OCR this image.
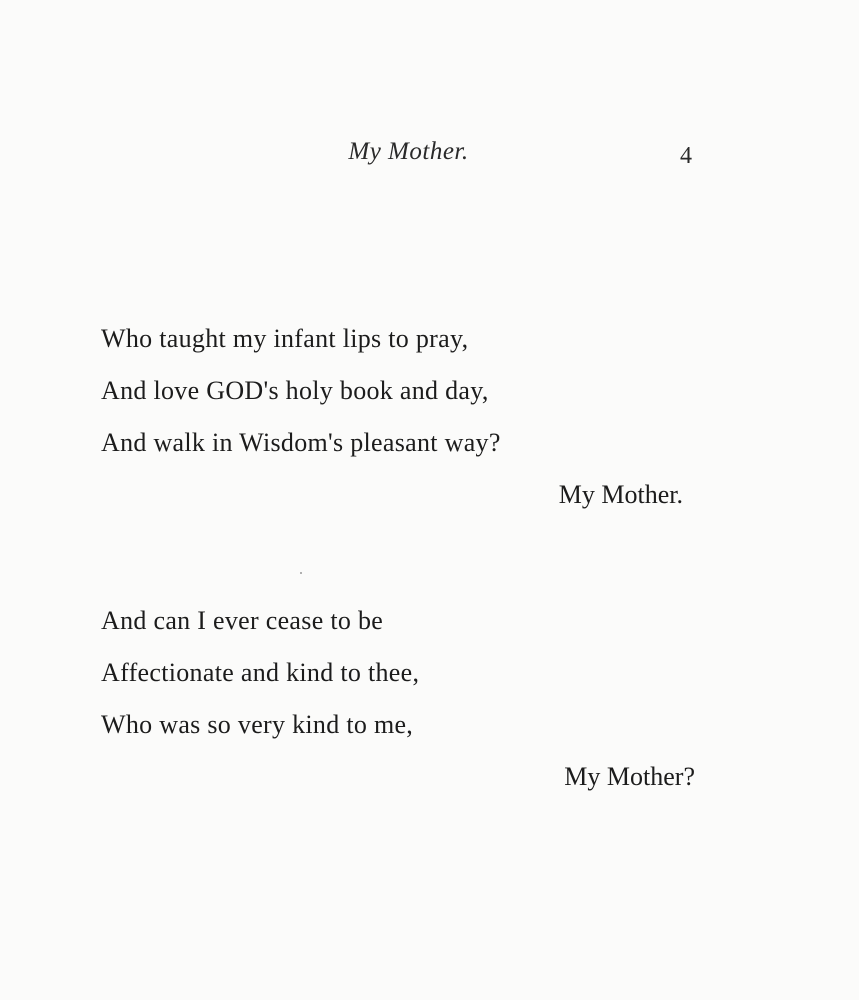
My Mother.	4
Who taught my infant lips to pray,
And love GOD's holy book and day,
And walk in Wisdom's pleasant way?
My Mother.
And can I ever cease to be
Affectionate and kind to thee,
Who was so very kind to me,
My Mother?
